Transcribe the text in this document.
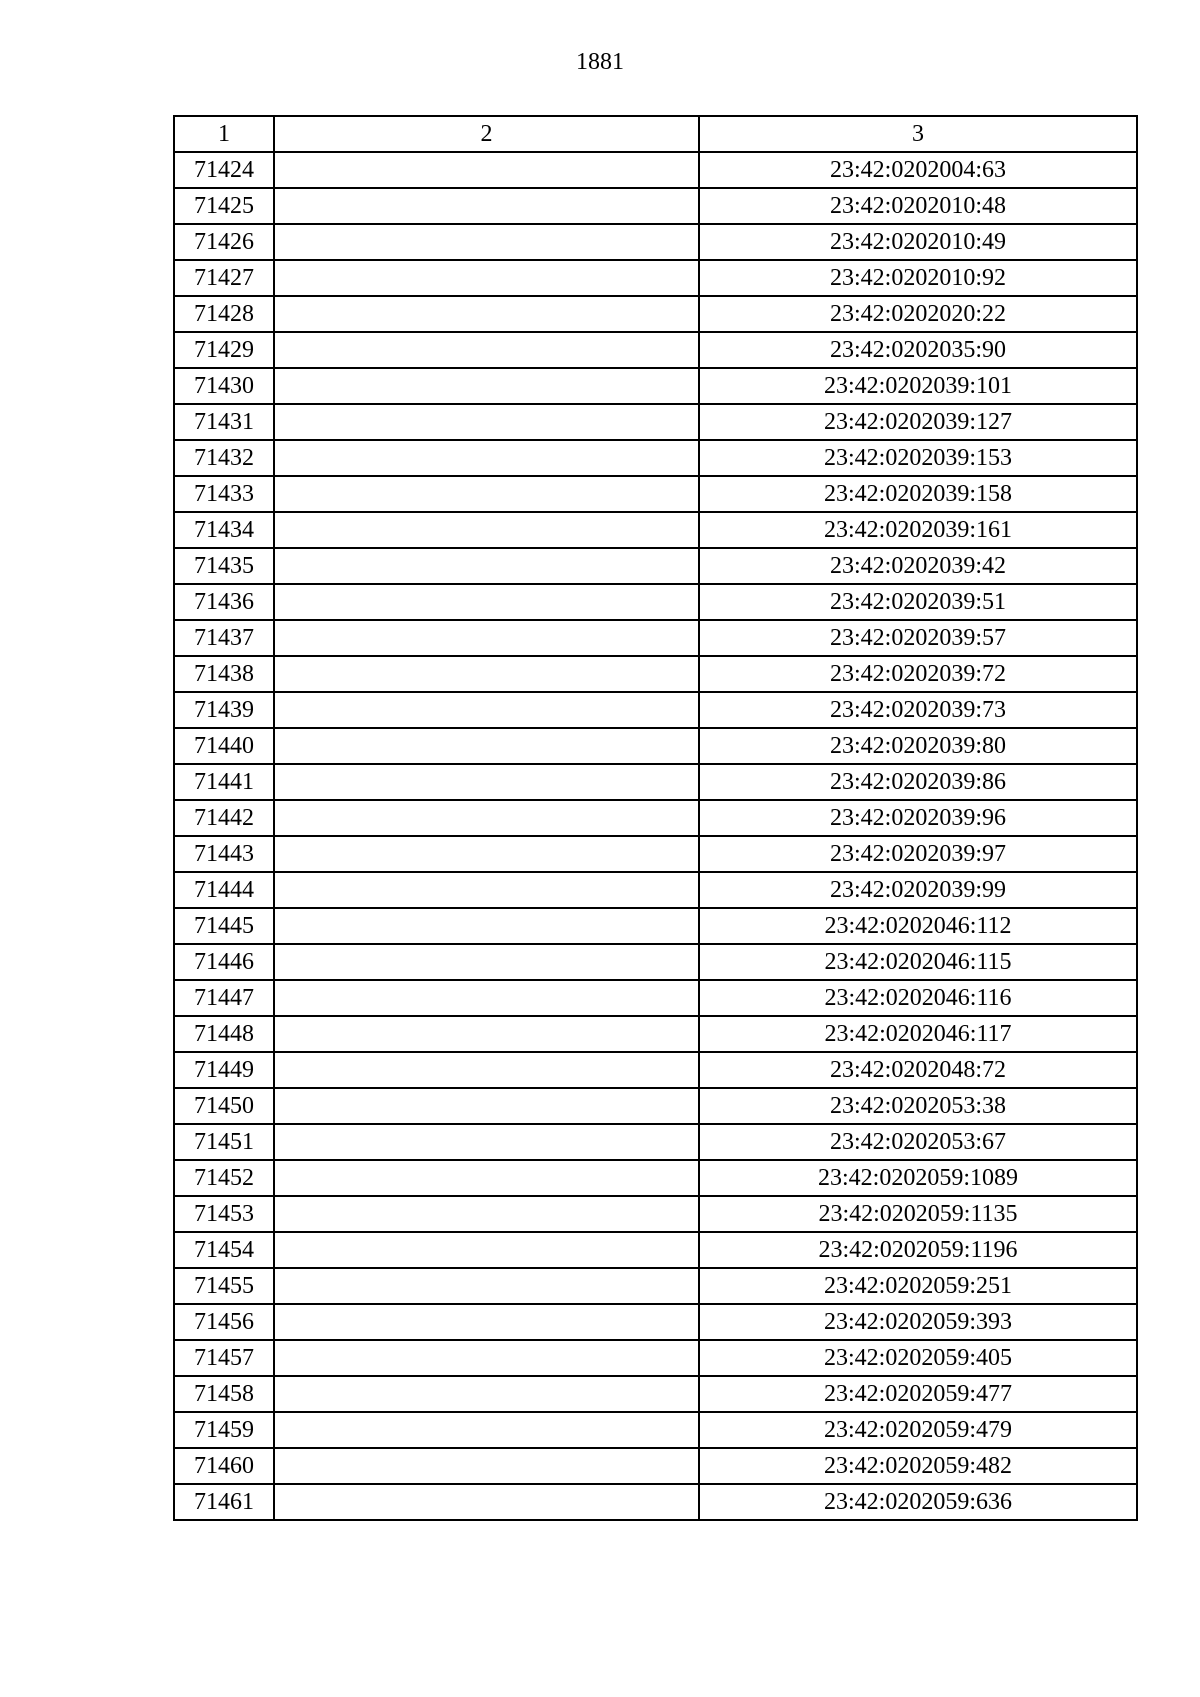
1881
1	2	3
71424		23:42:0202004:63
71425		23:42:0202010:48
71426		23:42:0202010:49
71427		23:42:0202010:92
71428		23:42:0202020:22
71429		23:42:0202035:90
71430		23:42:0202039:101
71431		23:42:0202039:127
71432		23:42:0202039:153
71433		23:42:0202039:158
71434		23:42:0202039:161
71435		23:42:0202039:42
71436		23:42:0202039:51
71437		23:42:0202039:57
71438		23:42:0202039:72
71439		23:42:0202039:73
71440		23:42:0202039:80
71441		23:42:0202039:86
71442		23:42:0202039:96
71443		23:42:0202039:97
71444		23:42:0202039:99
71445		23:42:0202046:112
71446		23:42:0202046:115
71447		23:42:0202046:116
71448		23:42:0202046:117
71449		23:42:0202048:72
71450		23:42:0202053:38
71451		23:42:0202053:67
71452		23:42:0202059:1089
71453		23:42:0202059:1135
71454		23:42:0202059:1196
71455		23:42:0202059:251
71456		23:42:0202059:393
71457		23:42:0202059:405
71458		23:42:0202059:477
71459		23:42:0202059:479
71460		23:42:0202059:482
71461		23:42:0202059:636
